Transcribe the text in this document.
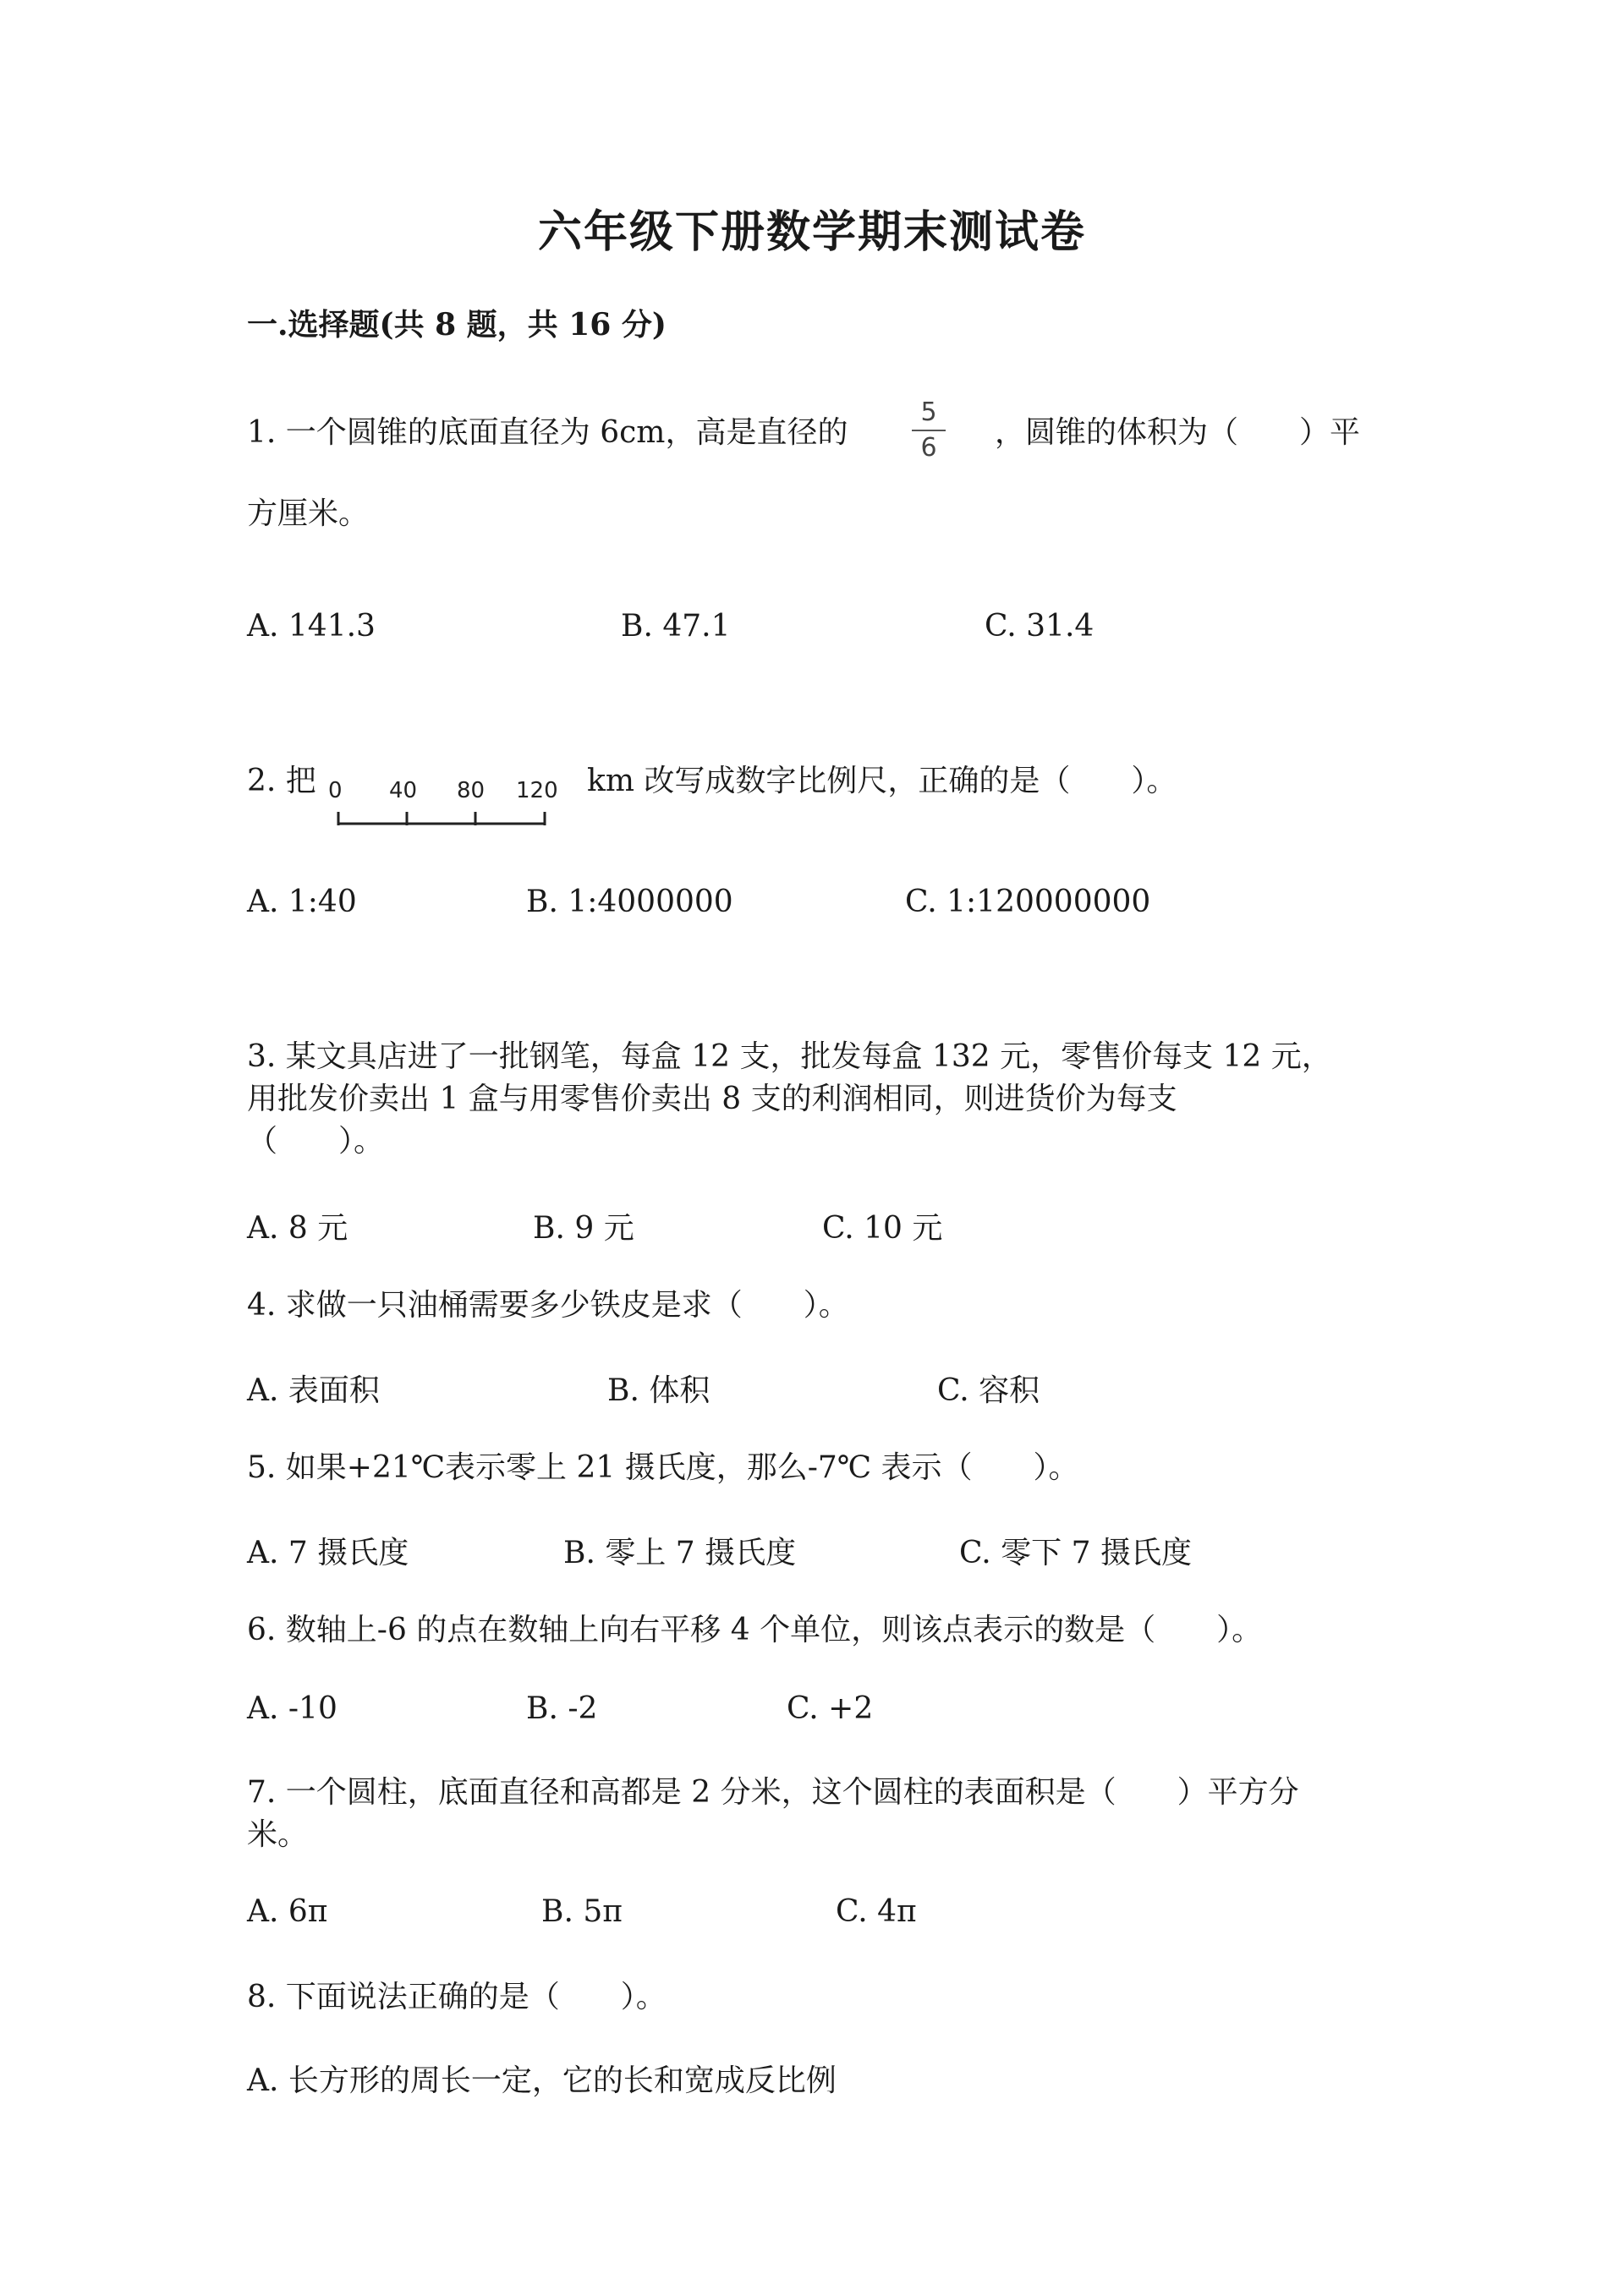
六年级下册数学期末测试卷
一.选择题(共 8 题，共 16 分)
1. 一个圆锥的底面直径为 6cm，高是直径的
5
6 ，圆锥的体积为（　　）平
方厘米。
A. 141.3	B. 47.1	C. 31.4
2. 把 0 40 80 120 km 改写成数字比例尺，正确的是（　　）。
A. 1:40	B. 1:4000000	C. 1:120000000
3. 某文具店进了一批钢笔，每盒 12 支，批发每盒 132 元，零售价每支 12 元，
用批发价卖出 1 盒与用零售价卖出 8 支的利润相同，则进货价为每支
（　　）。
A. 8 元	B. 9 元	C. 10 元
4. 求做一只油桶需要多少铁皮是求（　　）。
A. 表面积	B. 体积	C. 容积
5. 如果+21℃表示零上 21 摄氏度，那么-7℃ 表示（　　）。
A. 7 摄氏度	B. 零上 7 摄氏度	C. 零下 7 摄氏度
6. 数轴上-6 的点在数轴上向右平移 4 个单位，则该点表示的数是（　　）。
A. -10	B. -2	C. +2
7. 一个圆柱，底面直径和高都是 2 分米，这个圆柱的表面积是（　　）平方分
米。
A. 6π	B. 5π	C. 4π
8. 下面说法正确的是（　　）。
A. 长方形的周长一定，它的长和宽成反比例
